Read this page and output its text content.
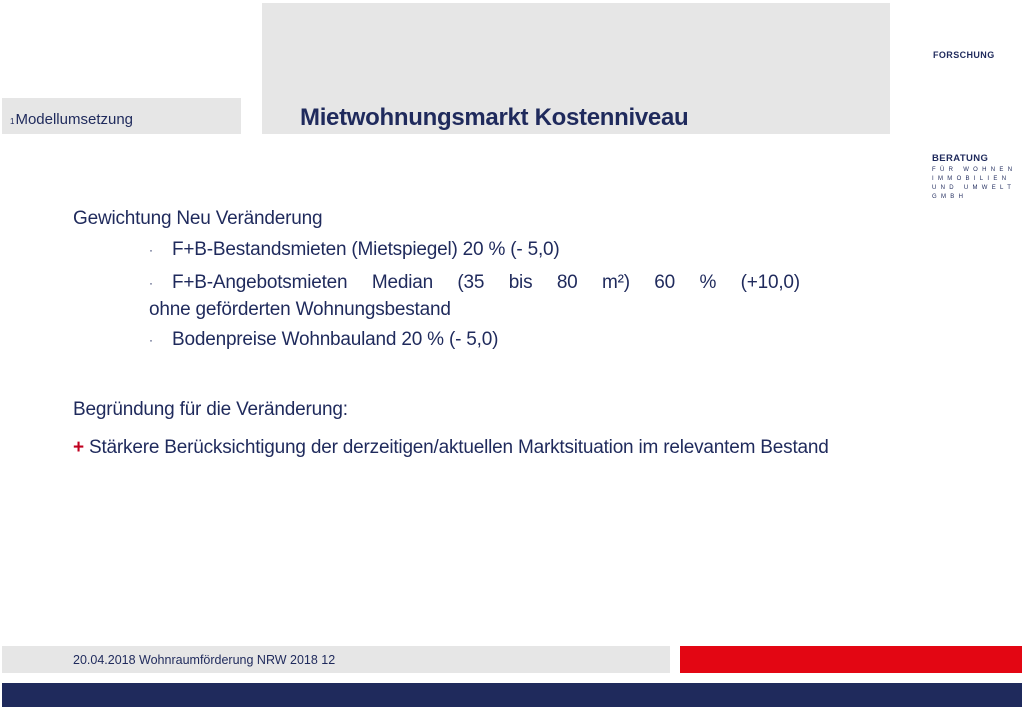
1Modellumsetzung	Mietwohnungsmarkt Kostenniveau
FORSCHUNG
BERATUNG
FÜR WOHNEN
IMMOBILIEN
UND UMWELT
GMBH
Gewichtung Neu Veränderung
· F+B-Bestandsmieten (Mietspiegel) 20 % (- 5,0)
· F+B-Angebotsmieten Median (35 bis 80 m²) 60 % (+10,0)
ohne geförderten Wohnungsbestand
· Bodenpreise Wohnbauland 20 % (- 5,0)
Begründung für die Veränderung:
+ Stärkere Berücksichtigung der derzeitigen/aktuellen Marktsituation im relevantem Bestand
20.04.2018 Wohnraumförderung NRW 2018 12
